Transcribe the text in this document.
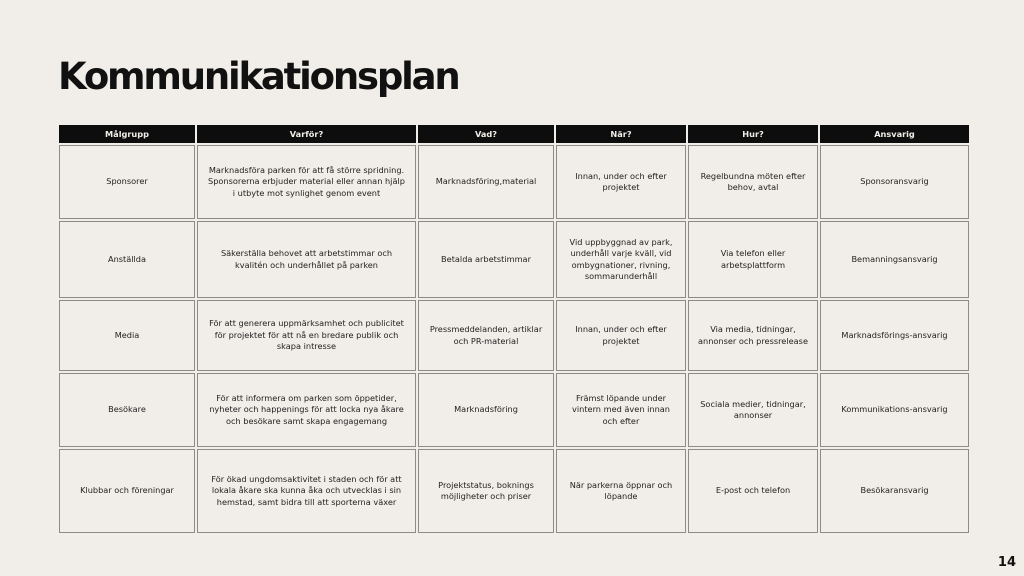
Kommunikationsplan
Målgrupp	Varför?	Vad?	När?	Hur?	Ansvarig
Sponsorer	Marknadsföra parken för att få större spridning. Sponsorerna erbjuder material eller annan hjälp i utbyte mot synlighet genom event	Marknadsföring,material	Innan, under och efter projektet	Regelbundna möten efter behov, avtal	Sponsoransvarig
Anställda	Säkerställa behovet att arbetstimmar och kvalitén och underhållet på parken	Betalda arbetstimmar	Vid uppbyggnad av park, underhåll varje kväll, vid ombygnationer, rivning, sommarunderhåll	Via telefon eller arbetsplattform	Bemanningsansvarig
Media	För att generera uppmärksamhet och publicitet för projektet för att nå en bredare publik och skapa intresse	Pressmeddelanden, artiklar och PR-material	Innan, under och efter projektet	Via media, tidningar, annonser och pressrelease	Marknadsförings-ansvarig
Besökare	För att informera om parken som öppetider, nyheter och happenings för att locka nya åkare och besökare samt skapa engagemang	Marknadsföring	Främst löpande under vintern med även innan och efter	Sociala medier, tidningar, annonser	Kommunikations-ansvarig
Klubbar och föreningar	För ökad ungdomsaktivitet i staden och för att lokala åkare ska kunna åka och utvecklas i sin hemstad, samt bidra till att sporterna växer	Projektstatus, boknings möjligheter och priser	När parkerna öppnar och löpande	E-post och telefon	Besökaransvarig
14
